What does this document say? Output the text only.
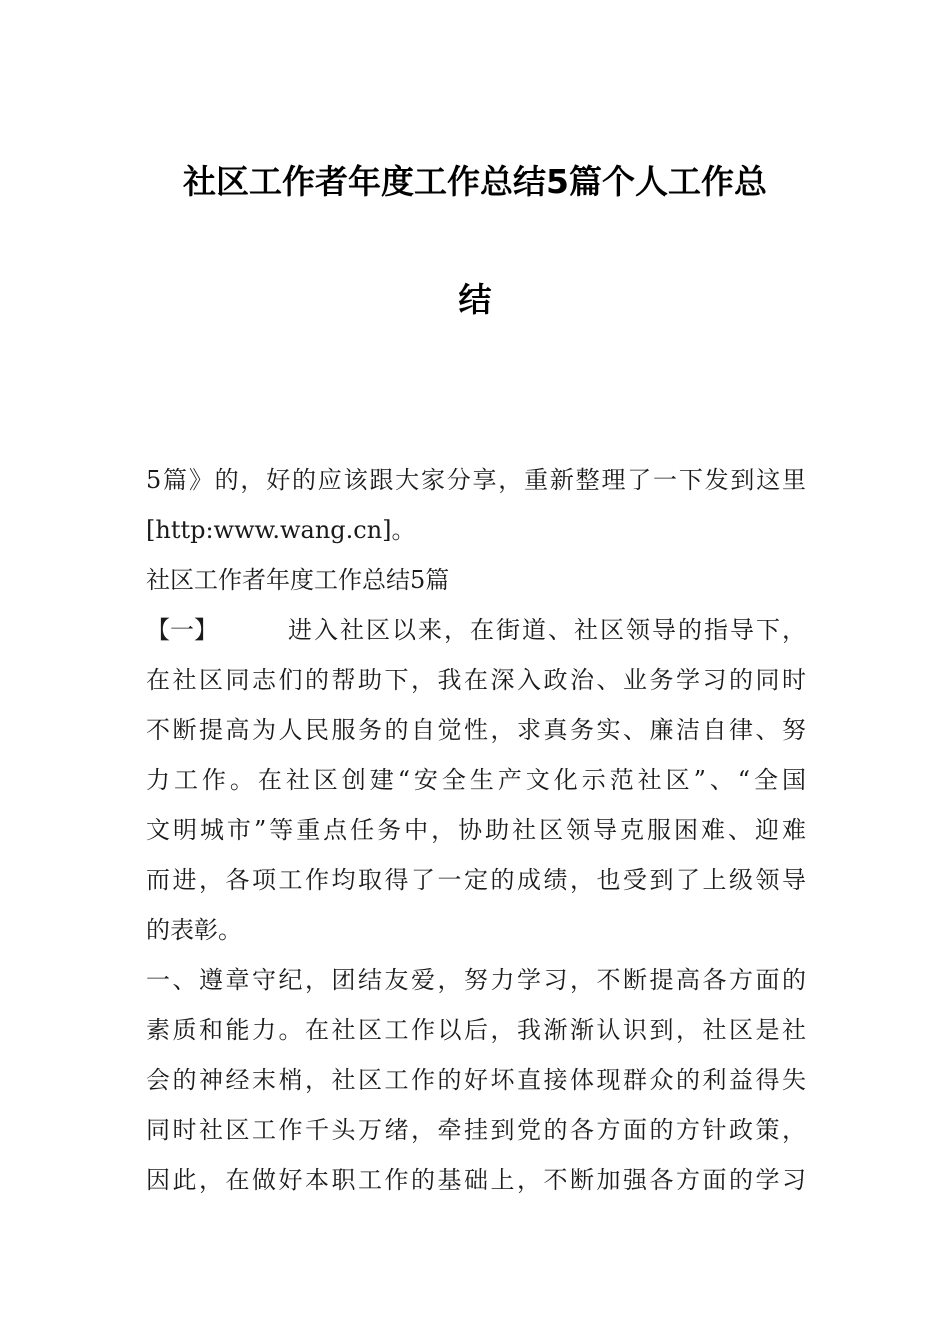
社区工作者年度工作总结5篇个人工作总
结
5篇》的，好的应该跟大家分享，重新整理了一下发到这里
[http:www.wang.cn]。
社区工作者年度工作总结5篇
【一】	进入社区以来，在街道、社区领导的指导下，
在社区同志们的帮助下，我在深入政治、业务学习的同时
不断提高为人民服务的自觉性，求真务实、廉洁自律、努
力工作。在社区创建“安全生产文化示范社区”、“全国
文明城市”等重点任务中，协助社区领导克服困难、迎难
而进，各项工作均取得了一定的成绩，也受到了上级领导
的表彰。
一、遵章守纪，团结友爱，努力学习，不断提高各方面的
素质和能力。在社区工作以后，我渐渐认识到，社区是社
会的神经末梢，社区工作的好坏直接体现群众的利益得失
同时社区工作千头万绪，牵挂到党的各方面的方针政策，
因此，在做好本职工作的基础上，不断加强各方面的学习
